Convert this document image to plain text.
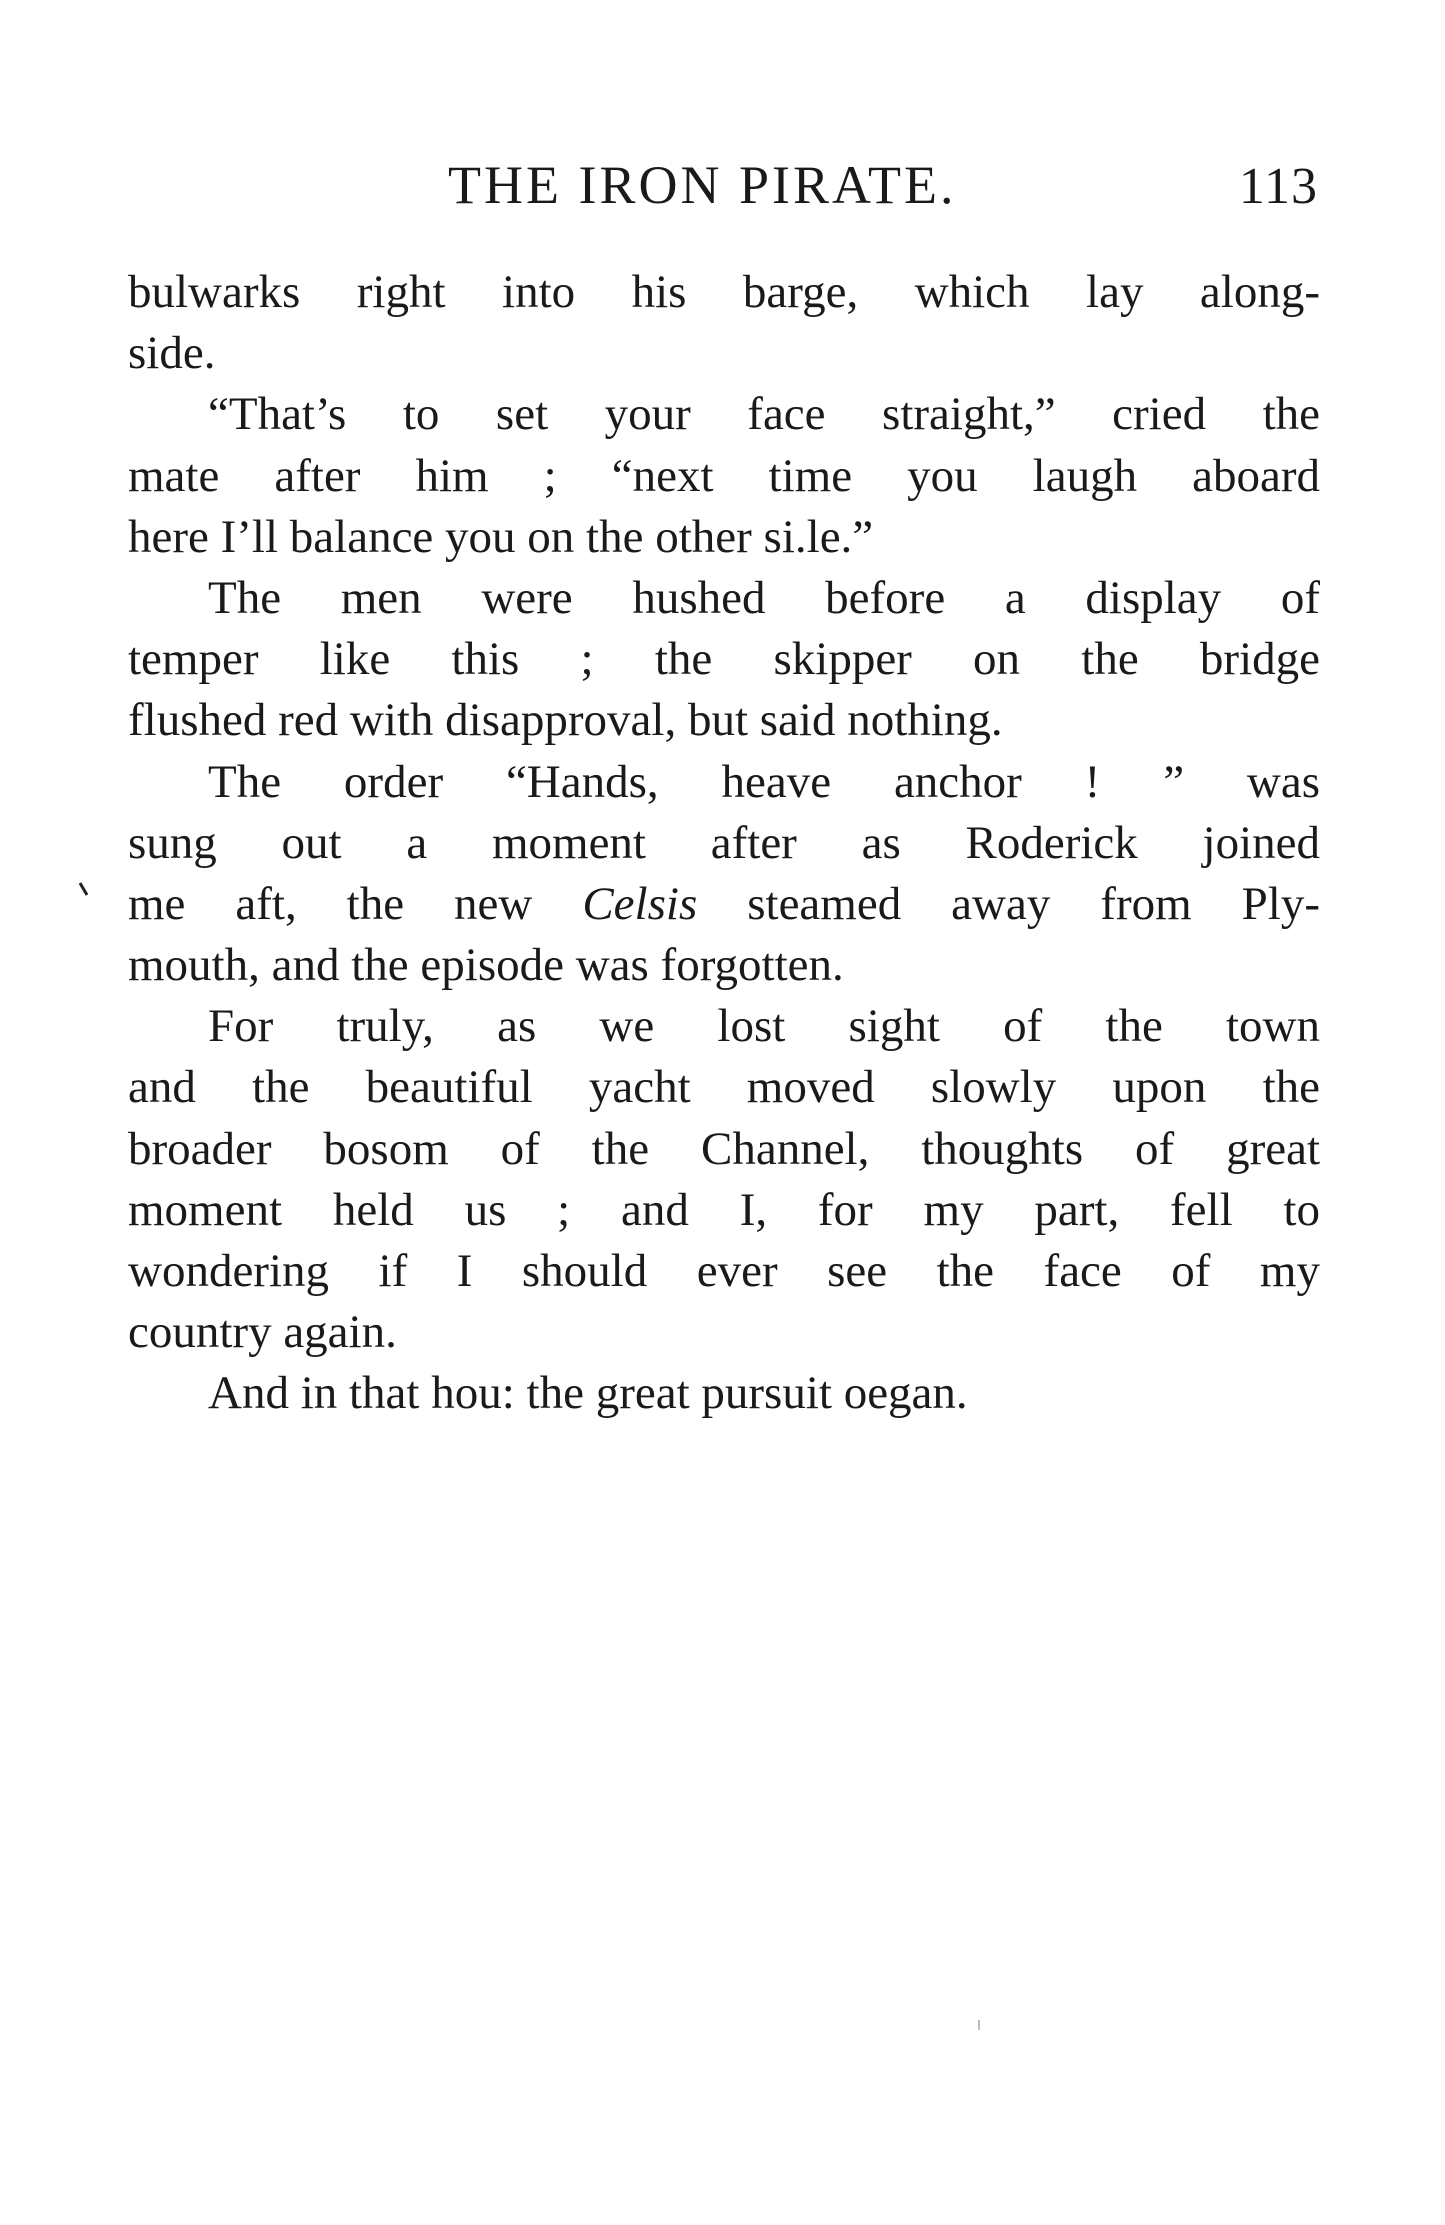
THE IRON PIRATE.	113
bulwarks right into his barge, which lay along-
side.
“That’s to set your face straight,” cried the
mate after him ; “next time you laugh aboard
here I’ll balance you on the other si.le.”
The men were hushed before a display of
temper like this ; the skipper on the bridge
flushed red with disapproval, but said nothing.
The order “Hands, heave anchor ! ” was
sung out a moment after as Roderick joined
me aft, the new Celsis steamed away from Ply-
mouth, and the episode was forgotten.
For truly, as we lost sight of the town
and the beautiful yacht moved slowly upon the
broader bosom of the Channel, thoughts of great
moment held us ; and I, for my part, fell to
wondering if I should ever see the face of my
country again.
And in that hou: the great pursuit oegan.
